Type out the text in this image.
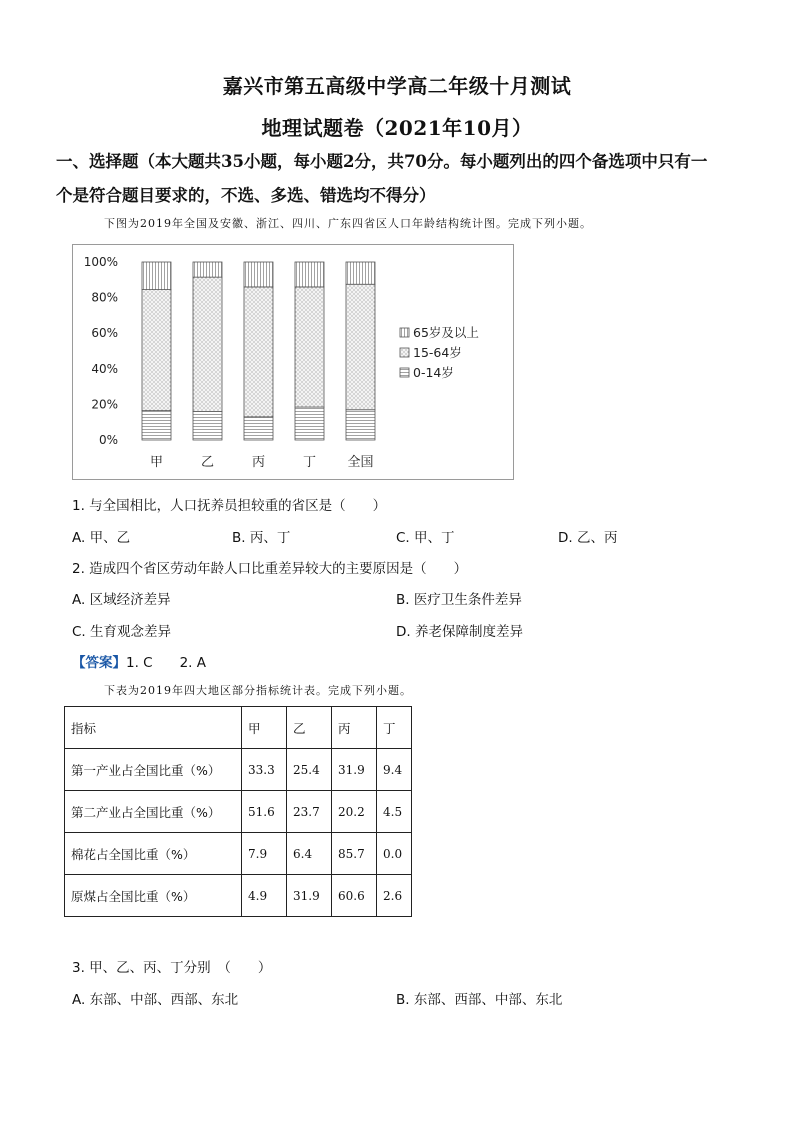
嘉兴市第五高级中学高二年级十月测试
地理试题卷（2021年10月）
一、选择题（本大题共35小题，每小题2分，共70分。每小题列出的四个备选项中只有一
个是符合题目要求的，不选、多选、错选均不得分）
下图为2019年全国及安徽、浙江、四川、广东四省区人口年龄结构统计图。完成下列小题。
0%
20%
40%
60%
80%
100%
甲	乙	丙	丁 全国
65岁及以上
15-64岁
0-14岁
1. 与全国相比，人口抚养员担较重的省区是（　　）
A. 甲、乙	B. 丙、丁	C. 甲、丁	D. 乙、丙
2. 造成四个省区劳动年龄人口比重差异较大的主要原因是（　　）
A. 区域经济差异	B. 医疗卫生条件差异
C. 生育观念差异	D. 养老保障制度差异
【答案】1. C　　2. A
下表为2019年四大地区部分指标统计表。完成下列小题。
指标	甲	乙	丙	丁
第一产业占全国比重（%）	33.3	25.4	31.9	9.4
第二产业占全国比重（%）	51.6	23.7	20.2	4.5
棉花占全国比重（%）	7.9	6.4	85.7	0.0
原煤占全国比重（%）	4.9	31.9	60.6	2.6
3. 甲、乙、丙、丁分别　（　　）
A. 东部、中部、西部、东北	B. 东部、西部、中部、东北
